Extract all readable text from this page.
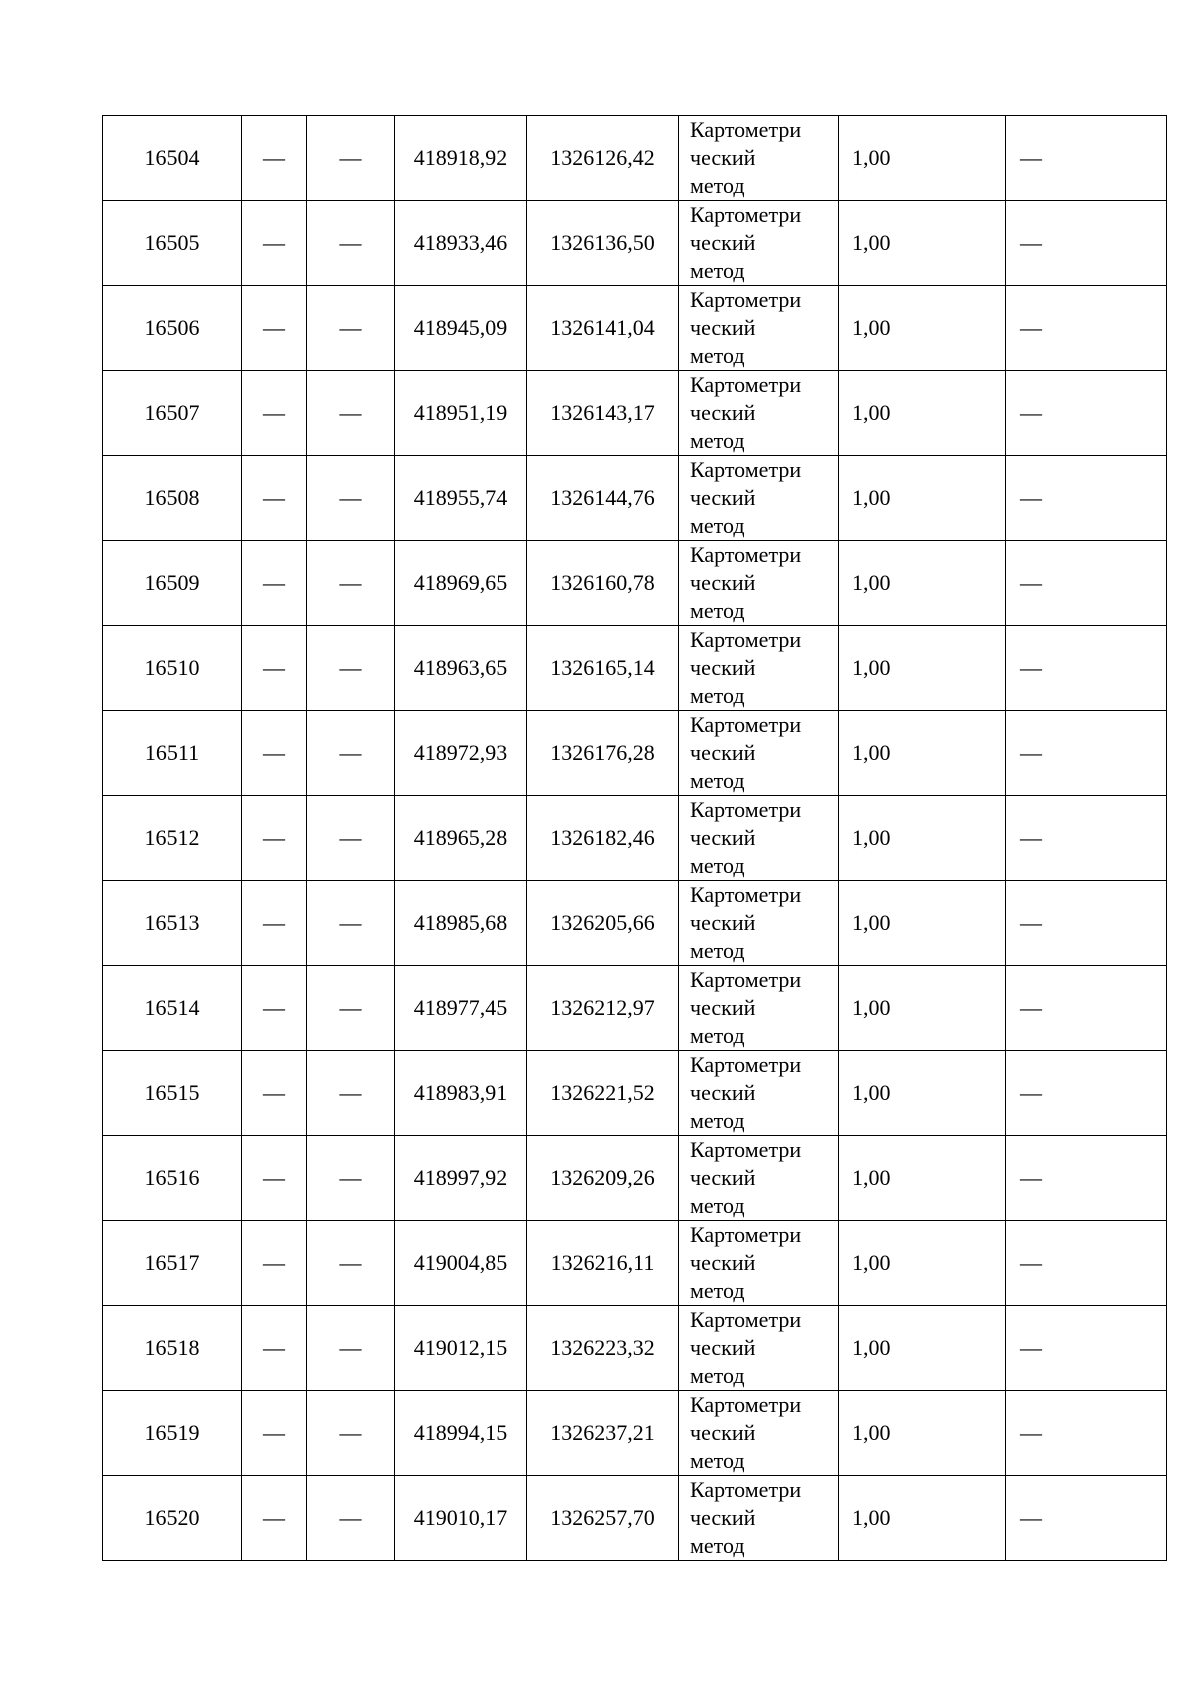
16504	—	—	418918,92	1326126,42	Картометри
ческий
метод	1,00	—
16505	—	—	418933,46	1326136,50	Картометри
ческий
метод	1,00	—
16506	—	—	418945,09	1326141,04	Картометри
ческий
метод	1,00	—
16507	—	—	418951,19	1326143,17	Картометри
ческий
метод	1,00	—
16508	—	—	418955,74	1326144,76	Картометри
ческий
метод	1,00	—
16509	—	—	418969,65	1326160,78	Картометри
ческий
метод	1,00	—
16510	—	—	418963,65	1326165,14	Картометри
ческий
метод	1,00	—
16511	—	—	418972,93	1326176,28	Картометри
ческий
метод	1,00	—
16512	—	—	418965,28	1326182,46	Картометри
ческий
метод	1,00	—
16513	—	—	418985,68	1326205,66	Картометри
ческий
метод	1,00	—
16514	—	—	418977,45	1326212,97	Картометри
ческий
метод	1,00	—
16515	—	—	418983,91	1326221,52	Картометри
ческий
метод	1,00	—
16516	—	—	418997,92	1326209,26	Картометри
ческий
метод	1,00	—
16517	—	—	419004,85	1326216,11	Картометри
ческий
метод	1,00	—
16518	—	—	419012,15	1326223,32	Картометри
ческий
метод	1,00	—
16519	—	—	418994,15	1326237,21	Картометри
ческий
метод	1,00	—
16520	—	—	419010,17	1326257,70	Картометри
ческий
метод	1,00	—
